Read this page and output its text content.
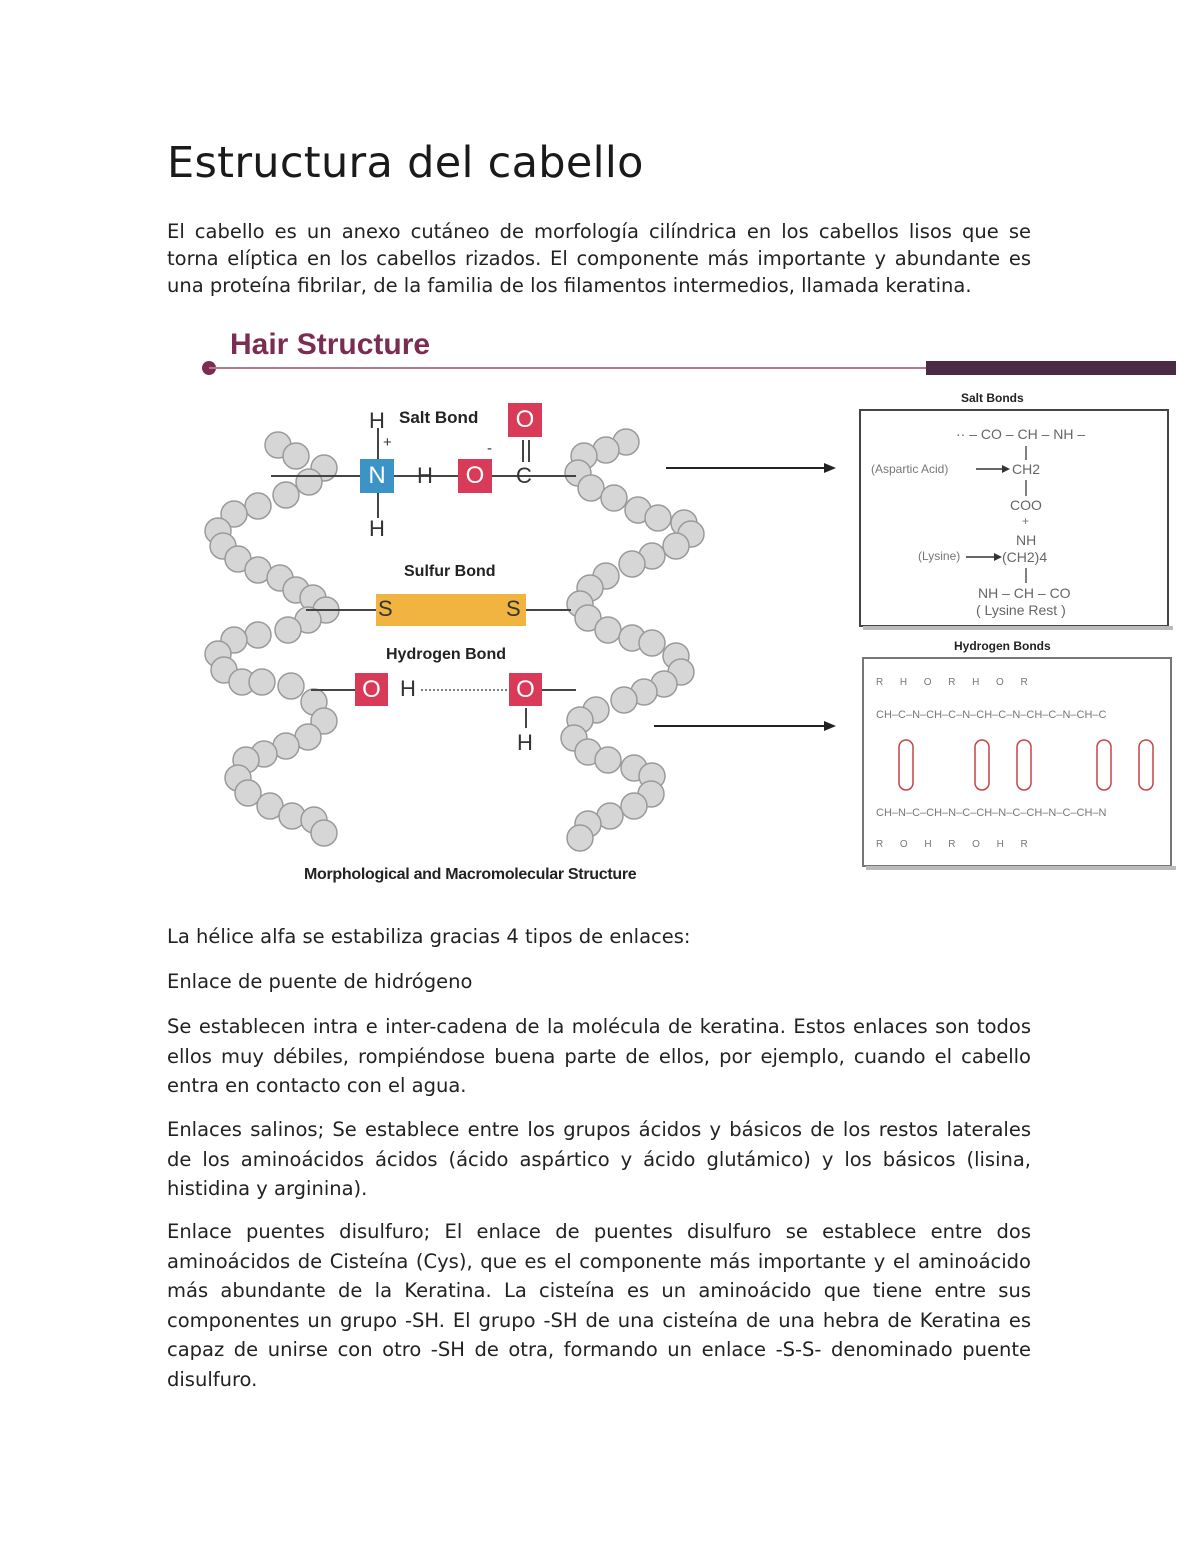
Estructura del cabello

El cabello es un anexo cutáneo de morfología cilíndrica en los cabellos lisos que se torna elíptica en los cabellos rizados. El componente más importante y abundante es una proteína fibrilar, de la familia de los filamentos intermedios, llamada keratina.

Hair Structure
H
+
Salt Bond
N	H
-
O
O
C
H
Sulfur Bond
S	S
Hydrogen Bond
O H	O
H
Morphological and Macromolecular Structure
Salt Bonds
·· – CO – CH – NH –
(Aspartic Acid)	CH2
COO
+
NH
(Lysine)	(CH2)4
NH – CH – CO
( Lysine Rest )
Hydrogen Bonds
R      H      O      R      H      O      R
CH–C–N–CH–C–N–CH–C–N–CH–C–N–CH–C
CH–N–C–CH–N–C–CH–N–C–CH–N–C–CH–N
R      O      H      R      O      H      R

La hélice alfa se estabiliza gracias 4 tipos de enlaces:

Enlace de puente de hidrógeno

Se establecen intra e inter-cadena de la molécula de keratina. Estos enlaces son todos ellos muy débiles, rompiéndose buena parte de ellos, por ejemplo, cuando el cabello entra en contacto con el agua.

Enlaces salinos; Se establece entre los grupos ácidos y básicos de los restos laterales de los aminoácidos ácidos (ácido aspártico y ácido glutámico) y los básicos (lisina, histidina y arginina).

Enlace puentes disulfuro; El enlace de puentes disulfuro se establece entre dos aminoácidos de Cisteína (Cys), que es el componente más importante y el aminoácido más abundante de la Keratina. La cisteína es un aminoácido que tiene entre sus componentes un grupo -SH. El grupo -SH de una cisteína de una hebra de Keratina es capaz de unirse con otro -SH de otra, formando un enlace -S-S- denominado puente disulfuro.
